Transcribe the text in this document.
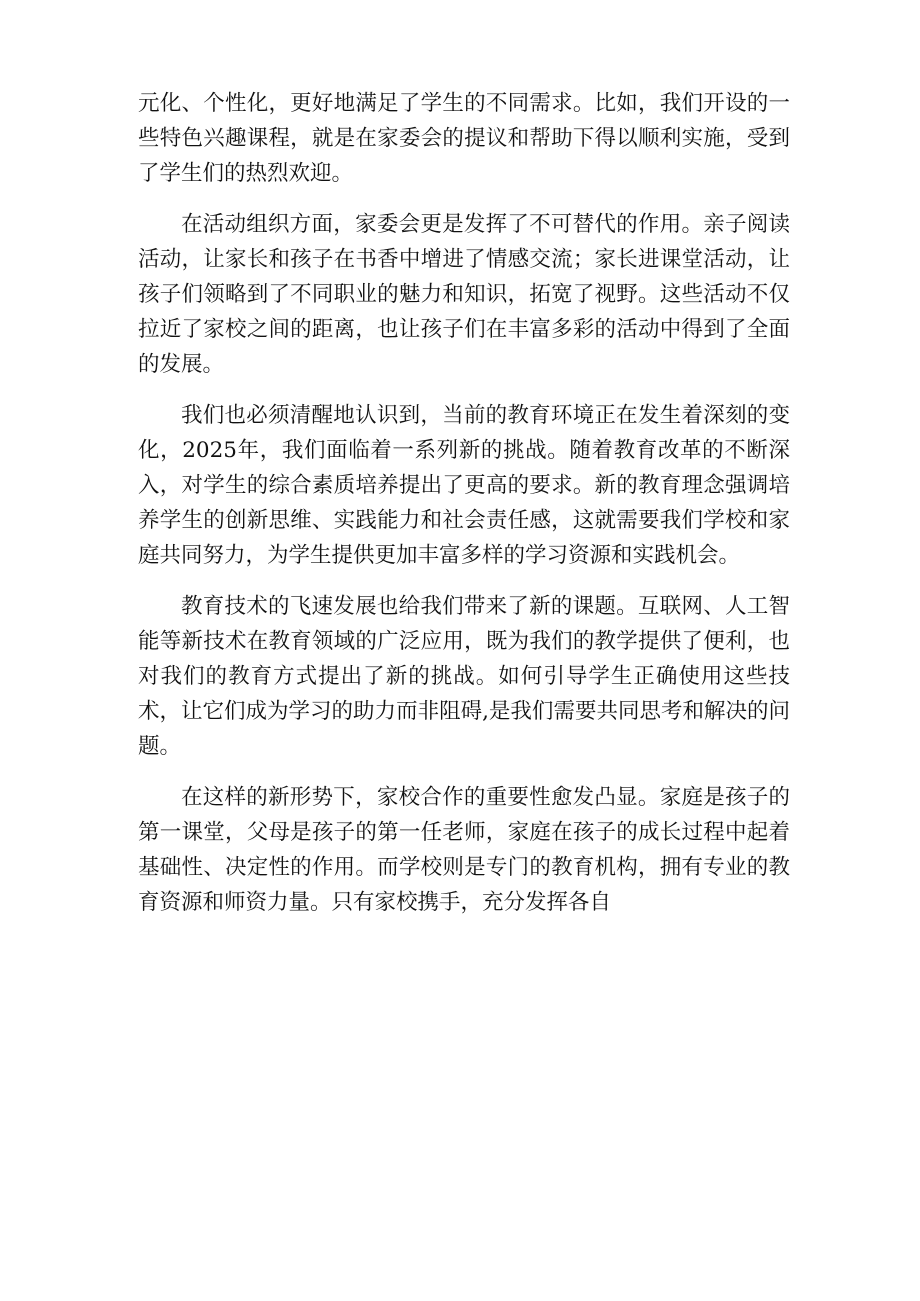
元化、个性化，更好地满足了学生的不同需求。比如，我们开设的一些特色兴趣课程，就是在家委会的提议和帮助下得以顺利实施，受到了学生们的热烈欢迎。

在活动组织方面，家委会更是发挥了不可替代的作用。亲子阅读活动，让家长和孩子在书香中增进了情感交流；家长进课堂活动，让孩子们领略到了不同职业的魅力和知识，拓宽了视野。这些活动不仅拉近了家校之间的距离，也让孩子们在丰富多彩的活动中得到了全面的发展。

我们也必须清醒地认识到，当前的教育环境正在发生着深刻的变化，2025年，我们面临着一系列新的挑战。随着教育改革的不断深入，对学生的综合素质培养提出了更高的要求。新的教育理念强调培养学生的创新思维、实践能力和社会责任感，这就需要我们学校和家庭共同努力，为学生提供更加丰富多样的学习资源和实践机会。

教育技术的飞速发展也给我们带来了新的课题。互联网、人工智能等新技术在教育领域的广泛应用，既为我们的教学提供了便利，也对我们的教育方式提出了新的挑战。如何引导学生正确使用这些技术，让它们成为学习的助力而非阻碍,是我们需要共同思考和解决的问题。

在这样的新形势下，家校合作的重要性愈发凸显。家庭是孩子的第一课堂，父母是孩子的第一任老师，家庭在孩子的成长过程中起着基础性、决定性的作用。而学校则是专门的教育机构，拥有专业的教育资源和师资力量。只有家校携手，充分发挥各自
